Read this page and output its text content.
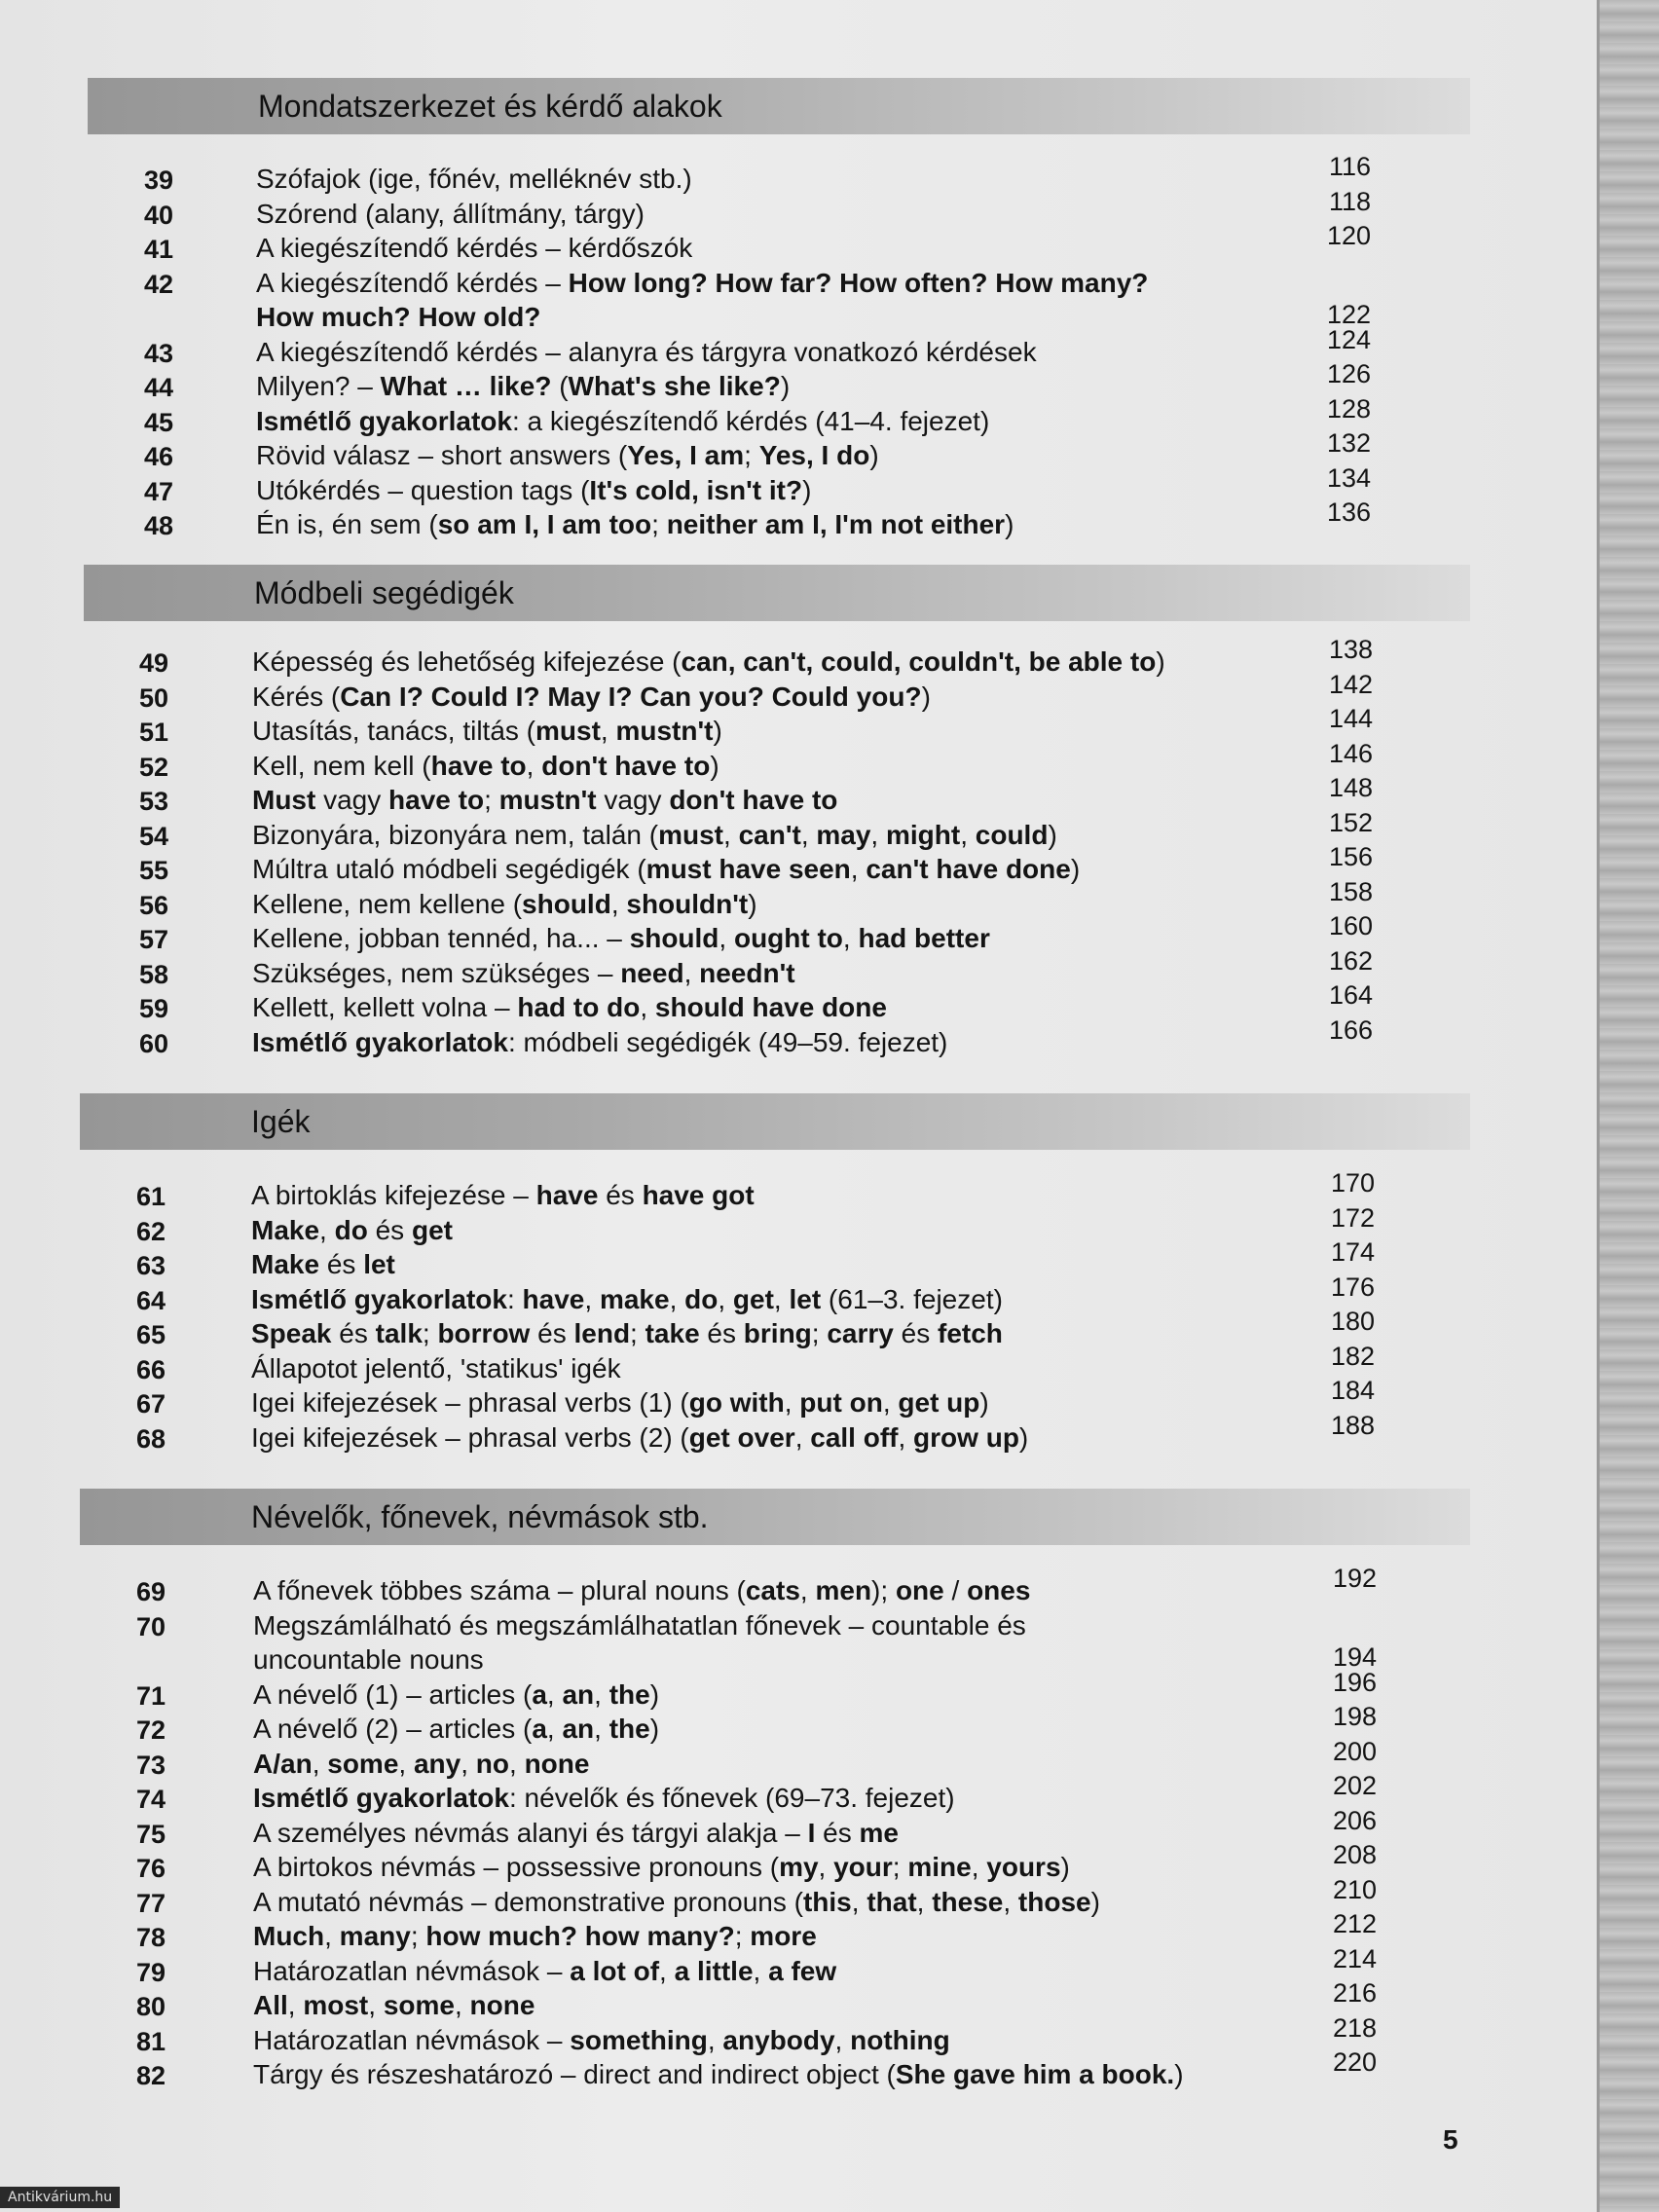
Mondatszerkezet és kérdő alakok
39	Szófajok (ige, főnév, melléknév stb.)	116
40	Szórend (alany, állítmány, tárgy)	118
41	A kiegészítendő kérdés – kérdőszók	120
42	A kiegészítendő kérdés – How long? How far? How often? How many?
How much? How old?	122
43	A kiegészítendő kérdés – alanyra és tárgyra vonatkozó kérdések	124
44	Milyen? – What … like? (What's she like?)	126
45	Ismétlő gyakorlatok: a kiegészítendő kérdés (41–4. fejezet)	128
46	Rövid válasz – short answers (Yes, I am; Yes, I do)	132
47	Utókérdés – question tags (It's cold, isn't it?)	134
48	Én is, én sem (so am I, I am too; neither am I, I'm not either)	136
Módbeli segédigék
49	Képesség és lehetőség kifejezése (can, can't, could, couldn't, be able to)	138
50	Kérés (Can I? Could I? May I? Can you? Could you?)	142
51	Utasítás, tanács, tiltás (must, mustn't)	144
52	Kell, nem kell (have to, don't have to)	146
53	Must vagy have to; mustn't vagy don't have to	148
54	Bizonyára, bizonyára nem, talán (must, can't, may, might, could)	152
55	Múltra utaló módbeli segédigék (must have seen, can't have done)	156
56	Kellene, nem kellene (should, shouldn't)	158
57	Kellene, jobban tennéd, ha... – should, ought to, had better	160
58	Szükséges, nem szükséges – need, needn't	162
59	Kellett, kellett volna – had to do, should have done	164
60	Ismétlő gyakorlatok: módbeli segédigék (49–59. fejezet)	166
Igék
61	A birtoklás kifejezése – have és have got	170
62	Make, do és get	172
63	Make és let	174
64	Ismétlő gyakorlatok: have, make, do, get, let (61–3. fejezet)	176
65	Speak és talk; borrow és lend; take és bring; carry és fetch	180
66	Állapotot jelentő, 'statikus' igék	182
67	Igei kifejezések – phrasal verbs (1) (go with, put on, get up)	184
68	Igei kifejezések – phrasal verbs (2) (get over, call off, grow up)	188
Névelők, főnevek, névmások stb.
69	A főnevek többes száma – plural nouns (cats, men); one / ones	192
70	Megszámlálható és megszámlálhatatlan főnevek – countable és
uncountable nouns	194
71	A névelő (1) – articles (a, an, the)	196
72	A névelő (2) – articles (a, an, the)	198
73	A/an, some, any, no, none	200
74	Ismétlő gyakorlatok: névelők és főnevek (69–73. fejezet)	202
75	A személyes névmás alanyi és tárgyi alakja – I és me	206
76	A birtokos névmás – possessive pronouns (my, your; mine, yours)	208
77	A mutató névmás – demonstrative pronouns (this, that, these, those)	210
78	Much, many; how much? how many?; more	212
79	Határozatlan névmások – a lot of, a little, a few	214
80	All, most, some, none	216
81	Határozatlan névmások – something, anybody, nothing	218
82	Tárgy és részeshatározó – direct and indirect object (She gave him a book.)	220
5
Antikvárium.hu
